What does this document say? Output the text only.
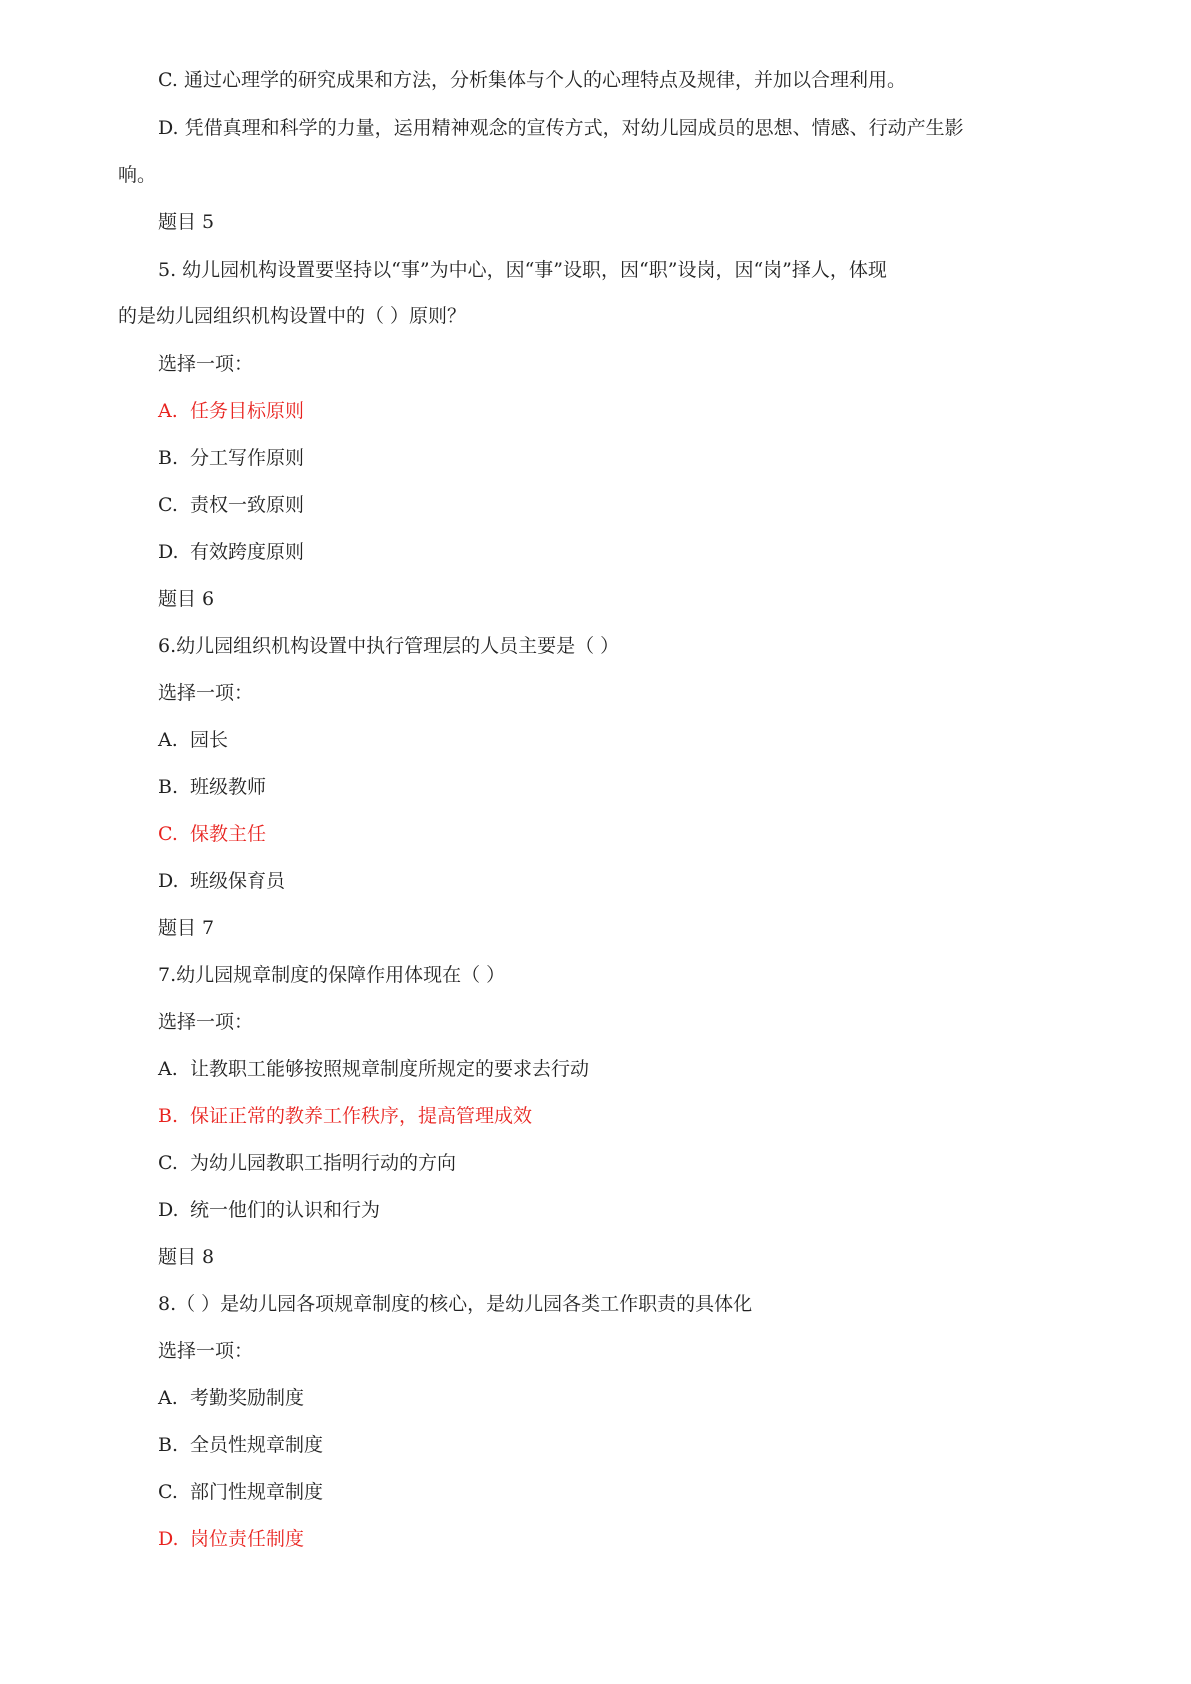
C. 通过心理学的研究成果和方法，分析集体与个人的心理特点及规律，并加以合理利用。

D. 凭借真理和科学的力量，运用精神观念的宣传方式，对幼儿园成员的思想、情感、行动产生影

响。

题目 5

5. 幼儿园机构设置要坚持以“事”为中心，因“事”设职，因“职”设岗，因“岗”择人，体现

的是幼儿园组织机构设置中的（ ）原则？

选择一项：

A. 任务目标原则

B. 分工写作原则

C. 责权一致原则

D. 有效跨度原则

题目 6

6.幼儿园组织机构设置中执行管理层的人员主要是（ ）

选择一项：

A. 园长

B. 班级教师

C. 保教主任

D. 班级保育员

题目 7

7.幼儿园规章制度的保障作用体现在（ ）

选择一项：

A. 让教职工能够按照规章制度所规定的要求去行动

B. 保证正常的教养工作秩序，提高管理成效

C. 为幼儿园教职工指明行动的方向

D. 统一他们的认识和行为

题目 8

8.（ ）是幼儿园各项规章制度的核心，是幼儿园各类工作职责的具体化

选择一项：

A. 考勤奖励制度

B. 全员性规章制度

C. 部门性规章制度

D. 岗位责任制度
